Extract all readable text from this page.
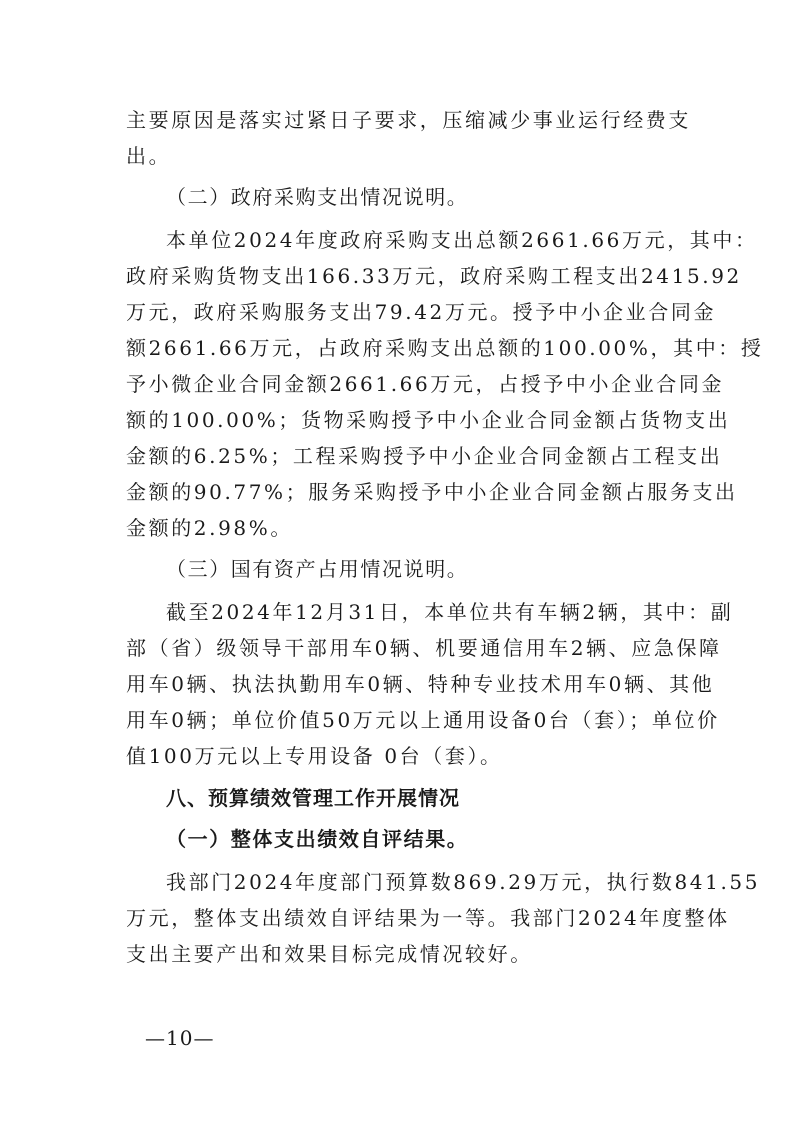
主要原因是落实过紧日子要求，压缩减少事业运行经费支
出。
（二）政府采购支出情况说明。
本单位2024年度政府采购支出总额2661.66万元，其中：
政府采购货物支出166.33万元，政府采购工程支出2415.92
万元，政府采购服务支出79.42万元。授予中小企业合同金
额2661.66万元，占政府采购支出总额的100.00%，其中：授
予小微企业合同金额2661.66万元，占授予中小企业合同金
额的100.00%；货物采购授予中小企业合同金额占货物支出
金额的6.25%；工程采购授予中小企业合同金额占工程支出
金额的90.77%；服务采购授予中小企业合同金额占服务支出
金额的2.98%。
（三）国有资产占用情况说明。
截至2024年12月31日，本单位共有车辆2辆，其中：副
部（省）级领导干部用车0辆、机要通信用车2辆、应急保障
用车0辆、执法执勤用车0辆、特种专业技术用车0辆、其他
用车0辆；单位价值50万元以上通用设备0台（套）；单位价
值100万元以上专用设备 0台（套）。
八、预算绩效管理工作开展情况
（一）整体支出绩效自评结果。
我部门2024年度部门预算数869.29万元，执行数841.55
万元，整体支出绩效自评结果为一等。我部门2024年度整体
支出主要产出和效果目标完成情况较好。
—10—
